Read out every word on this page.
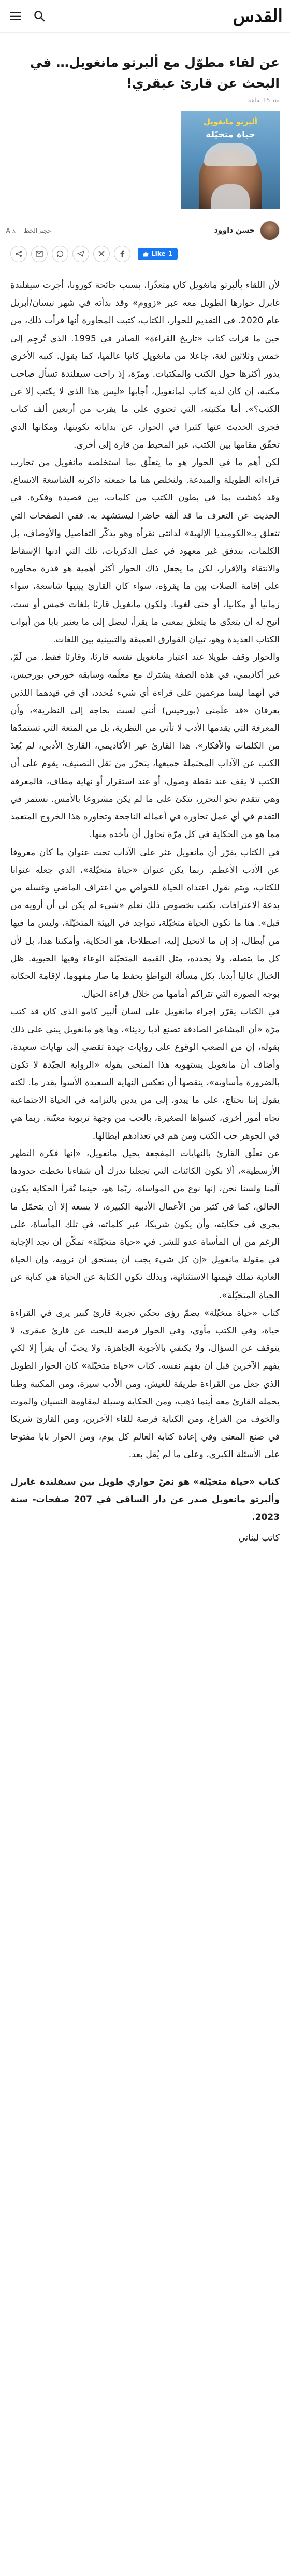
القدس
عن لقاء مطوّل مع ألبرتو مانغويل… في البحث عن قارئ عبقري!
منذ 15 ساعة
ألبرتو مانغويل
حياة متخيّلة
حسن داوود
حجم الخط
A A
Like 1

لأن اللقاء بألبرتو مانغويل كان متعذّرا، بسبب جائحة كورونا، أجرت سيفلندة غابرل حوارها الطويل معه عبر «زووم» وقد بدأته في شهر نيسان/أبريل عام 2020. في التقديم للحوار، الكتاب، كتبت المحاورة أنها قرأت ذلك، من حين ما قرأت كتاب «تاريخ القراءة» الصادر في 1995. الذي تُرجِم إلى خمس وثلاثين لغة، جاعلا من مانغويل كاتبا عالميا، كما يقول. كتبه الأخرى يدور أكثرها حول الكتب والمكتبات. ومرّة، إذ راحت سيفلندة تسأل صاحب مكتبة، إن كان لديه كتاب لمانغويل، أجابها «ليس هذا الذي لا يكتب إلا عن الكتب؟». أما مكتبته، التي تحتوي على ما يقرب من أربعين ألف كتاب فجرى الحديث عنها كثيرا في الحوار، عن بداياته تكوينها، ومكانها الذي تحقّق مقامها بين الكتب، عبر المحيط من قارة إلى أخرى.

لكن أهم ما في الحوار هو ما يتعلّق بما استخلصه مانغويل من تجارب قراءاته الطويلة والمبدعة. ولنخلص هنا ما جمعته ذاكرته الشاسعة الاتساع، وقد دُهشت بما في بطون الكتب من كلمات، بين قصيدة وفكرة. في الحديث عن التعرف ما قد ألفه حاضرا ليستشهد به. ففي الصفحات التي تتعلق بـ«الكوميديا الإلهية» لدانتي نقرأه وهو يذكّر التفاصيل والأوصاف، بل الكلمات، بتدفق غير معهود في عمل الذكريات، تلك التي أدنها الإسقاط والانتقاء والإقرار، لكن ما يجعل ذاك الحوار أكثر أهمية هو قدرة محاوره على إقامة الصلات بين ما يقرؤه، سواء كان القارئ يبنيها شاسعة، سواء زمانيا أو مكانيا، أو حتى لغويا. ولكون مانغويل قارئا بلغات خمس أو ست، أتيح له أن يتعدّى ما يتعلق بمعنى ما يقرأ، ليصل إلى ما يعتبر بابا من أبواب الكتاب العديدة وهو، تبيان القوارق العميقة والتبيينية بين اللغات.

والحوار وقف طويلا عند اعتبار مانغويل نفسه قارئا، وقارئا فقط. من لَمّ، غير أكاديمي، في هذه الصفة يشترك مع معلّمه وسابقه خورخي بورخيس، في أنهما ليسا مرغمين على قراءة أي شيء مُحدد، أي في قيدهما اللذين يعرفان «قد علّمني (بورخيس) أنني لست بحاجة إلى النظرية»، وأن المعرفة التي يقدمها الأدب لا تأتي من النظرية، بل من المتعة التي تستمدّها من الكلمات والأفكار». هذا القارئ غير الأكاديمي، القارئ الأدبي، لم يُعِدّ الكتب عن الآداب المحتملة جميعها، يتحرّر من ثقل التصنيف، يقوم على أن الكتب لا يقف عند نقطة وصول، أو عند استقرار أو نهاية مطاف، فالمعرفة وهي تتقدم نحو التحرر، تتكئ على ما لم يكن مشروعا بالأمس. نستمر في التقدم في أي عمل تحاوره في أعماله الناجحة وتحاوره هذا الخروج المتعمد مما هو من الحكاية في كل مرّة تحاول أن تأخذه منها.

في الكتاب يقرّر أن مانغويل عثر على الآداب تحت عنوان ما كان معروفا عن الأدب الأعظم. ربما يكن عنوان «حياة متخيّلة»، الذي جعله عنوانا للكتاب، ويتم نقول اعتداه الحياة للخواص من اعتراف الماضي وغسله من بدعة الاعترافات. يكتب بخصوص ذلك نعلم «شيء لم يكن لي أن أرويه من قبل». هنا ما تكون الحياة متخيّلة، تتواجد في البيئة المتخيّلة، وليس ما فيها من أبطال، إذ إن ما لانحيل إليه، اصطلاحا، هو الحكاية، وأمكننا هذا، بل لأن كل ما يتصله، ولا يحدده، مثل القيمة المتخيّلة الوعاء وفيها الحيوية. ظل الخيال عاليا أبديا. بكل مسألة التواطؤ بحفظ ما صار مفهوما، لإقامة الحكاية بوجه الصورة التي تتراكم أمامها من خلال قراءة الخيال.

في الكتاب يقرّر إجراء مانغويل على لسان ألبير كامو الذي كان قد كتب مرّة «أن المشاعر الصادقة تصنع أدبا رديئا»، وها هو مانغويل يبني على ذلك بقوله، إن من الصعب الوقوع على روايات جيدة تقضي إلى نهايات سعيدة، وأضاف أن مانغويل يستهويه هذا المنحى بقوله «الرواية الجيّدة لا تكون بالضرورة مأساوية»، ينقصها أن تعكس النهاية السعيدة الأسوأ بقدر ما. لكنه يقول إننا نحتاج، على ما يبدو، إلى من يدين بالتزامه في الحياة الاجتماعية تجاه أمور أخرى، كسواها الصغيرة، بالحب من وجهة تربوية معيّنة. ربما هي في الجوهر حب الكتب ومن هم في تعدادهم أبطالها.

عن تعلّق القارئ بالنهايات المفجعة يحيل مانغويل، «إنها فكرة التطهر الأرسطية»، ألا نكون الكائنات التي تجعلنا ندرك أن شقاءنا تخطت حدودها آلمنا ولسنا نحن، إنها نوع من المواساة. ربّما هو، حينما تُقرأ الحكاية يكون الخالق، كما في كثير من الأعمال الأدبية الكبيرة، لا يسعه إلا أن يتحمّل ما يجري في حكايته، وأن يكون شريكا، عبر كلماته، في تلك المأساة، على الرغم من أن المأساة عدو للشر. في «حياة متخيّلة» تمكّن أن نجد الإجابة في مقولة مانغويل «إن كل شيء يجب أن يستحق أن نرويه، وإن الحياة العادية تملك قيمتها الاستثنائية، وبذلك تكون الكتابة عن الحياة هي كتابة عن الحياة المتخيّلة».

كتاب «حياة متخيّلة» يضمّ رؤى تحكي تجربة قارئ كبير يرى في القراءة حياة، وفي الكتب مأوى، وفي الحوار فرصة للبحث عن قارئ عبقري، لا يتوقف عن السؤال، ولا يكتفي بالأجوبة الجاهزة، ولا يحبّ أن يقرأ إلا لكي يفهم الآخرين قبل أن يفهم نفسه. كتاب «حياة متخيّلة» كان الحوار الطويل الذي جعل من القراءة طريقة للعيش، ومن الأدب سيرة، ومن المكتبة وطنا يحمله القارئ معه أينما ذهب، ومن الحكاية وسيلة لمقاومة النسيان والموت والخوف من الفراغ، ومن الكتابة فرصة للقاء الآخرين، ومن القارئ شريكا في صنع المعنى وفي إعادة كتابة العالم كل يوم، ومن الحوار بابا مفتوحا على الأسئلة الكبرى، وعلى ما لم يُقل بعد.

كتاب «حياة متخيّلة» هو نصّ حواري طويل بين سيفلندة غابرل وألبرتو مانغويل صدر عن دار الساقي في 207 صفحات- سنة 2023.

كاتب لبناني
